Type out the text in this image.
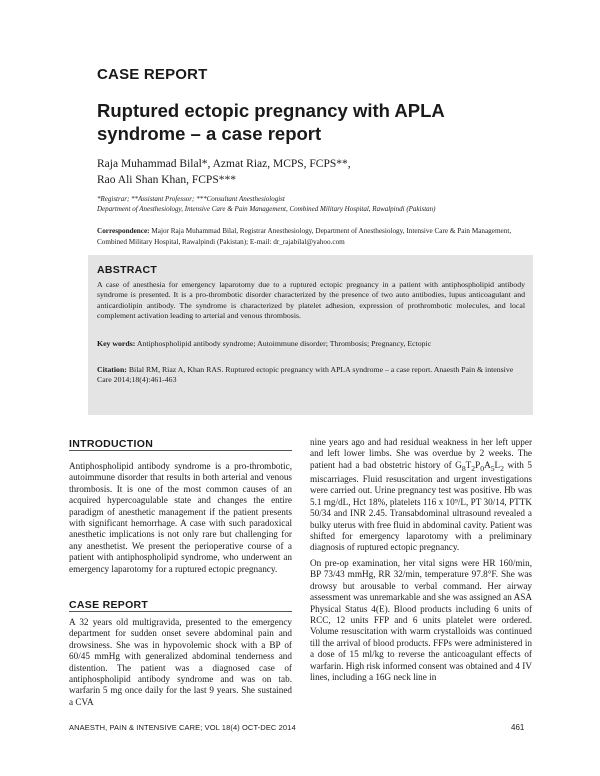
CASE REPORT
Ruptured ectopic pregnancy with APLA syndrome – a case report
Raja Muhammad Bilal*, Azmat Riaz, MCPS, FCPS**,
Rao Ali Shan Khan, FCPS***
*Registrar; **Assistant Professor; ***Consultant Anesthesiologist
Department of Anesthesiology, Intensive Care & Pain Management, Combined Military Hospital, Rawalpindi (Pakistan)
Correspondence: Major Raja Muhammad Bilal, Registrar Anesthesiology, Department of Anesthesiology, Intensive Care & Pain Management, Combined Military Hospital, Rawalpindi (Pakistan); E-mail: dr_rajabilal@yahoo.com
ABSTRACT
A case of anesthesia for emergency laparotomy due to a ruptured ectopic pregnancy in a patient with antiphospholipid antibody syndrome is presented. It is a pro-thrombotic disorder characterized by the presence of two auto antibodies, lupus anticoagulant and anticardiolipin antibody. The syndrome is characterized by platelet adhesion, expression of prothrombotic molecules, and local complement activation leading to arterial and venous thrombosis.
Key words: Antiphospholipid antibody syndrome; Autoimmune disorder; Thrombosis; Pregnancy, Ectopic
Citation: Bilal RM, Riaz A, Khan RAS. Ruptured ectopic pregnancy with APLA syndrome – a case report. Anaesth Pain & intensive Care 2014;18(4):461-463
INTRODUCTION
Antiphospholipid antibody syndrome is a pro-thrombotic, autoimmune disorder that results in both arterial and venous thrombosis. It is one of the most common causes of an acquired hypercoagulable state and changes the entire paradigm of anesthetic management if the patient presents with significant hemorrhage. A case with such paradoxical anesthetic implications is not only rare but challenging for any anesthetist. We present the perioperative course of a patient with antiphospholipid syndrome, who underwent an emergency laparotomy for a ruptured ectopic pregnancy.
CASE REPORT
A 32 years old multigravida, presented to the emergency department for sudden onset severe abdominal pain and drowsiness. She was in hypovolemic shock with a BP of 60/45 mmHg with generalized abdominal tenderness and distention. The patient was a diagnosed case of antiphospholipid antibody syndrome and was on tab. warfarin 5 mg once daily for the last 9 years. She sustained a CVA
nine years ago and had residual weakness in her left upper and left lower limbs. She was overdue by 2 weeks. The patient had a bad obstetric history of $G_8T_2P_0A_5L_2$ with 5 miscarriages. Fluid resuscitation and urgent investigations were carried out. Urine pregnancy test was positive. Hb was 5.1 mg/dL, Hct 18%, platelets 116 x 10⁹/L, PT 30/14, PTTK 50/34 and INR 2.45. Transabdominal ultrasound revealed a bulky uterus with free fluid in abdominal cavity. Patient was shifted for emergency laparotomy with a preliminary diagnosis of ruptured ectopic pregnancy.
On pre-op examination, her vital signs were HR 160/min, BP 73/43 mmHg, RR 32/min, temperature 97.8°F. She was drowsy but arousable to verbal command. Her airway assessment was unremarkable and she was assigned an ASA Physical Status 4(E). Blood products including 6 units of RCC, 12 units FFP and 6 units platelet were ordered. Volume resuscitation with warm crystalloids was continued till the arrival of blood products. FFPs were administered in a dose of 15 ml/kg to reverse the anticoagulant effects of warfarin. High risk informed consent was obtained and 4 IV lines, including a 16G neck line in
ANAESTH, PAIN & INTENSIVE CARE; VOL 18(4) OCT-DEC 2014	461
